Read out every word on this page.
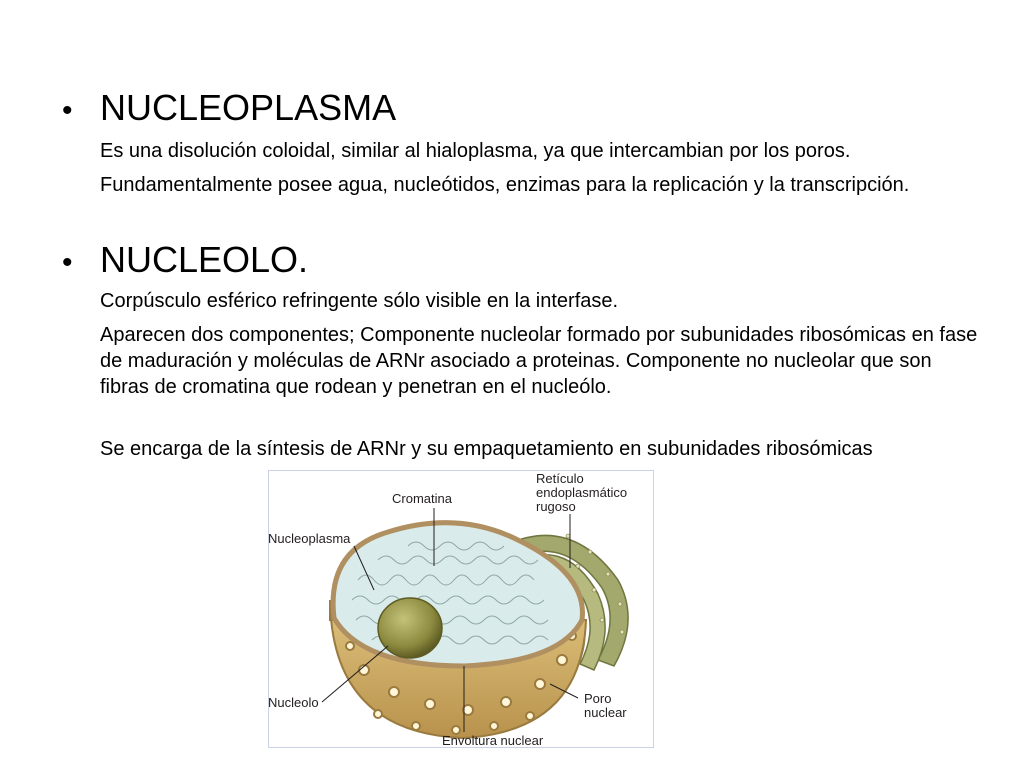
• NUCLEOPLASMA
Es una disolución coloidal, similar al hialoplasma, ya que intercambian por los poros.
Fundamentalmente posee agua, nucleótidos, enzimas para la replicación y la transcripción.
• NUCLEOLO.
Corpúsculo esférico refringente sólo visible en la interfase.
Aparecen dos componentes; Componente nucleolar formado por subunidades ribosómicas en fase de maduración y moléculas de ARNr asociado a proteinas. Componente no nucleolar que son fibras de cromatina que rodean y penetran en el nucleólo.
Se encarga de la síntesis de ARNr y su empaquetamiento en subunidades ribosómicas
Cromatina
Retículo endoplasmático rugoso
Nucleoplasma
Nucleolo	Poro nuclear
Envoltura nuclear
